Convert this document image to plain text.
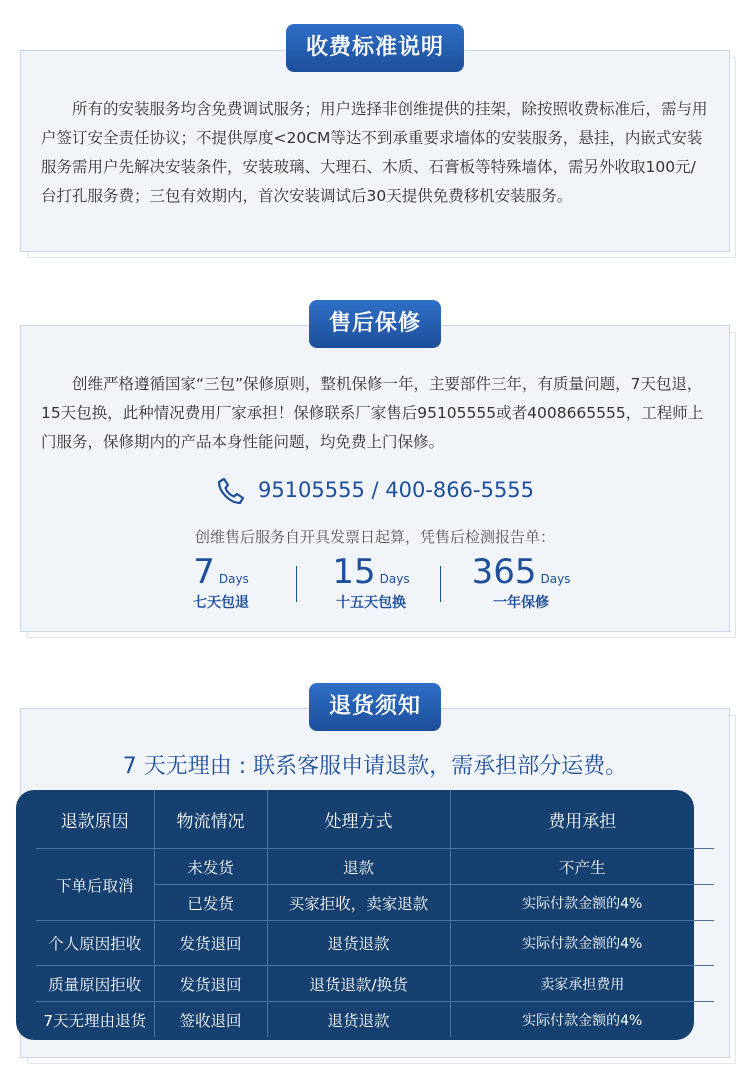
所有的安装服务均含免费调试服务；用户选择非创维提供的挂架，除按照收费标准后，需与用户签订安全责任协议；不提供厚度<20CM等达不到承重要求墙体的安装服务，悬挂，内嵌式安装服务需用户先解决安装条件，安装玻璃、大理石、木质、石膏板等特殊墙体，需另外收取100元/台打孔服务费；三包有效期内，首次安装调试后30天提供免费移机安装服务。
收费标准说明
创维严格遵循国家“三包”保修原则，整机保修一年，主要部件三年，有质量问题，7天包退，15天包换，此种情况费用厂家承担！保修联系厂家售后95105555或者4008665555，工程师上门服务，保修期内的产品本身性能问题，均免费上门保修。
95105555 / 400-866-5555
创维售后服务自开具发票日起算，凭售后检测报告单：
7 Days
七天包退
15 Days
十五天包换
365 Days
一年保修
售后保修
退货须知
7 天无理由 : 联系客服申请退款，需承担部分运费。
退款原因	物流情况	处理方式	费用承担
下单后取消	未发货	退款	不产生
	已发货	买家拒收，卖家退款	实际付款金额的4%
个人原因拒收	发货退回	退货退款	实际付款金额的4%
质量原因拒收	发货退回	退货退款/换货	卖家承担费用
7天无理由退货	签收退回	退货退款	实际付款金额的4%
